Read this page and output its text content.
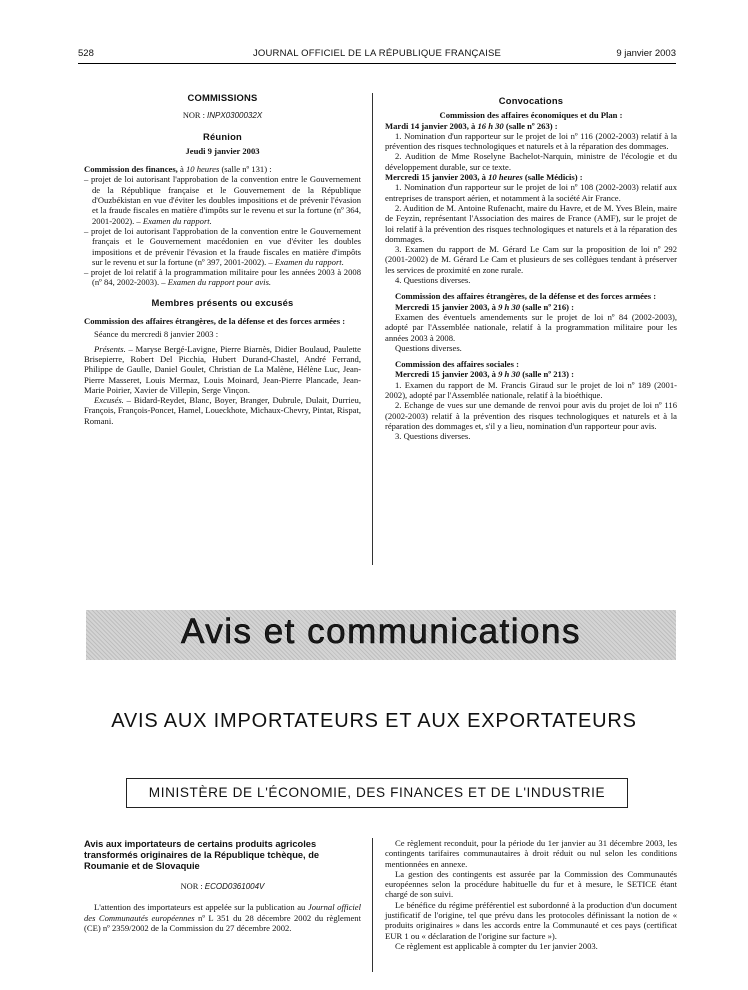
528	JOURNAL OFFICIEL DE LA RÉPUBLIQUE FRANÇAISE	9 janvier 2003

COMMISSIONS

NOR : INPX0300032X

Réunion

Jeudi 9 janvier 2003

Commission des finances, à 10 heures (salle nº 131) :

– projet de loi autorisant l'approbation de la convention entre le Gouvernement de la République française et le Gouvernement de la République d'Ouzbékistan en vue d'éviter les doubles impositions et de prévenir l'évasion et la fraude fiscales en matière d'impôts sur le revenu et sur la fortune (nº 364, 2001-2002). – Examen du rapport.

– projet de loi autorisant l'approbation de la convention entre le Gouvernement français et le Gouvernement macédonien en vue d'éviter les doubles impositions et de prévenir l'évasion et la fraude fiscales en matière d'impôts sur le revenu et sur la fortune (nº 397, 2001-2002). – Examen du rapport.

– projet de loi relatif à la programmation militaire pour les années 2003 à 2008 (nº 84, 2002-2003). – Examen du rapport pour avis.

Membres présents ou excusés

Commission des affaires étrangères, de la défense et des forces armées :

Séance du mercredi 8 janvier 2003 :

Présents. – Maryse Bergé-Lavigne, Pierre Biarnès, Didier Boulaud, Paulette Brisepierre, Robert Del Picchia, Hubert Durand-Chastel, André Ferrand, Philippe de Gaulle, Daniel Goulet, Christian de La Malène, Hélène Luc, Jean-Pierre Masseret, Louis Mermaz, Louis Moinard, Jean-Pierre Plancade, Jean-Marie Poirier, Xavier de Villepin, Serge Vinçon.

Excusés. – Bidard-Reydet, Blanc, Boyer, Branger, Dubrule, Dulait, Durrieu, François, François-Poncet, Hamel, Loueckhote, Michaux-Chevry, Pintat, Rispat, Romani.

Convocations

Commission des affaires économiques et du Plan :

Mardi 14 janvier 2003, à 16 h 30 (salle nº 263) :

1. Nomination d'un rapporteur sur le projet de loi nº 116 (2002-2003) relatif à la prévention des risques technologiques et naturels et à la réparation des dommages.

2. Audition de Mme Roselyne Bachelot-Narquin, ministre de l'écologie et du développement durable, sur ce texte.

Mercredi 15 janvier 2003, à 10 heures (salle Médicis) :

1. Nomination d'un rapporteur sur le projet de loi nº 108 (2002-2003) relatif aux entreprises de transport aérien, et notamment à la société Air France.

2. Audition de M. Antoine Rufenacht, maire du Havre, et de M. Yves Blein, maire de Feyzin, représentant l'Association des maires de France (AMF), sur le projet de loi relatif à la prévention des risques technologiques et naturels et à la réparation des dommages.

3. Examen du rapport de M. Gérard Le Cam sur la proposition de loi nº 292 (2001-2002) de M. Gérard Le Cam et plusieurs de ses collègues tendant à préserver les services de proximité en zone rurale.

4. Questions diverses.

Commission des affaires étrangères, de la défense et des forces armées :

Mercredi 15 janvier 2003, à 9 h 30 (salle nº 216) :

Examen des éventuels amendements sur le projet de loi nº 84 (2002-2003), adopté par l'Assemblée nationale, relatif à la programmation militaire pour les années 2003 à 2008.

Questions diverses.

Commission des affaires sociales :

Mercredi 15 janvier 2003, à 9 h 30 (salle nº 213) :

1. Examen du rapport de M. Francis Giraud sur le projet de loi nº 189 (2001-2002), adopté par l'Assemblée nationale, relatif à la bioéthique.

2. Echange de vues sur une demande de renvoi pour avis du projet de loi nº 116 (2002-2003) relatif à la prévention des risques technologiques et naturels et à la réparation des dommages et, s'il y a lieu, nomination d'un rapporteur pour avis.

3. Questions diverses.

Avis et communications
AVIS AUX IMPORTATEURS ET AUX EXPORTATEURS
MINISTÈRE DE L'ÉCONOMIE, DES FINANCES ET DE L'INDUSTRIE

Avis aux importateurs de certains produits agricoles transformés originaires de la République tchèque, de Roumanie et de Slovaquie

NOR : ECOD0361004V

L'attention des importateurs est appelée sur la publication au Journal officiel des Communautés européennes nº L 351 du 28 décembre 2002 du règlement (CE) nº 2359/2002 de la Commission du 27 décembre 2002.

Ce règlement reconduit, pour la période du 1er janvier au 31 décembre 2003, les contingents tarifaires communautaires à droit réduit ou nul selon les conditions mentionnées en annexe.

La gestion des contingents est assurée par la Commission des Communautés européennes selon la procédure habituelle du fur et à mesure, le SETICE étant chargé de son suivi.

Le bénéfice du régime préférentiel est subordonné à la production d'un document justificatif de l'origine, tel que prévu dans les protocoles définissant la notion de « produits originaires » dans les accords entre la Communauté et ces pays (certificat EUR 1 ou « déclaration de l'origine sur facture »).

Ce règlement est applicable à compter du 1er janvier 2003.
